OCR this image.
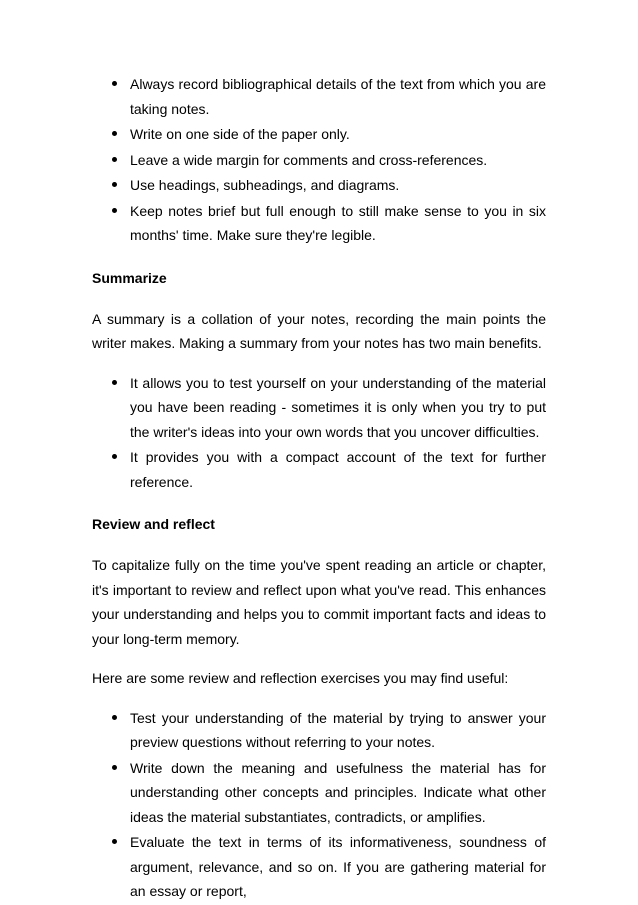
Always record bibliographical details of the text from which you are taking notes.
Write on one side of the paper only.
Leave a wide margin for comments and cross-references.
Use headings, subheadings, and diagrams.
Keep notes brief but full enough to still make sense to you in six months' time. Make sure they're legible.
Summarize

A summary is a collation of your notes, recording the main points the writer makes. Making a summary from your notes has two main benefits.

It allows you to test yourself on your understanding of the material you have been reading - sometimes it is only when you try to put the writer's ideas into your own words that you uncover difficulties.
It provides you with a compact account of the text for further reference.
Review and reflect

To capitalize fully on the time you've spent reading an article or chapter, it's important to review and reflect upon what you've read. This enhances your understanding and helps you to commit important facts and ideas to your long-term memory.

Here are some review and reflection exercises you may find useful:

Test your understanding of the material by trying to answer your preview questions without referring to your notes.
Write down the meaning and usefulness the material has for understanding other concepts and principles. Indicate what other ideas the material substantiates, contradicts, or amplifies.
Evaluate the text in terms of its informativeness, soundness of argument, relevance, and so on. If you are gathering material for an essay or report,
